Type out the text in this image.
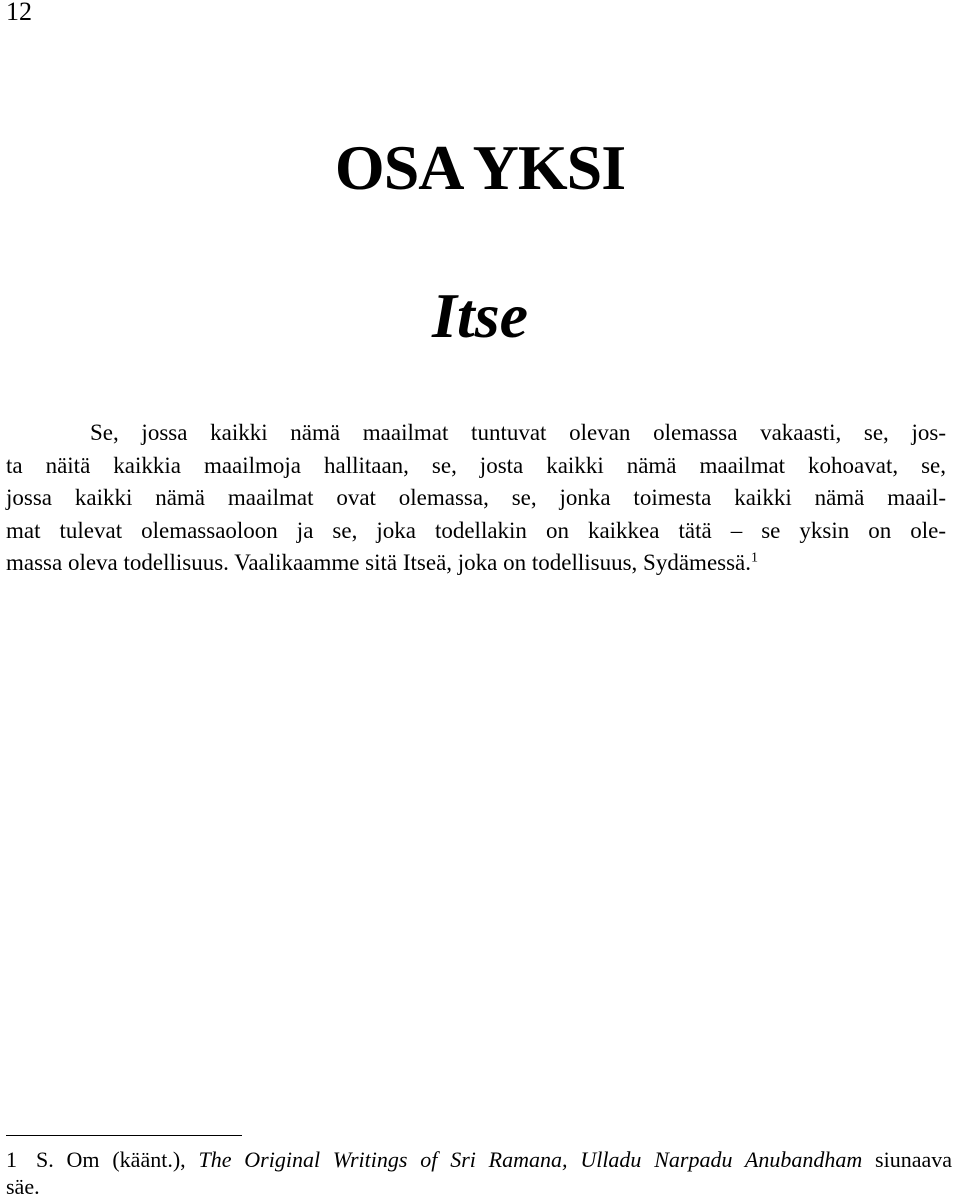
12
OSA YKSI
Itse
Se, jossa kaikki nämä maailmat tuntuvat olevan olemassa vakaasti, se, jos-
ta näitä kaikkia maailmoja hallitaan, se, josta kaikki nämä maailmat kohoavat, se,
jossa kaikki nämä maailmat ovat olemassa, se, jonka toimesta kaikki nämä maail-
mat tulevat olemassaoloon ja se, joka todellakin on kaikkea tätä – se yksin on ole-
massa oleva todellisuus. Vaalikaamme sitä Itseä, joka on todellisuus, Sydämessä.$^1$
1 S. Om (käänt.), The Original Writings of Sri Ramana, Ulladu Narpadu Anubandham siunaava
säe.
